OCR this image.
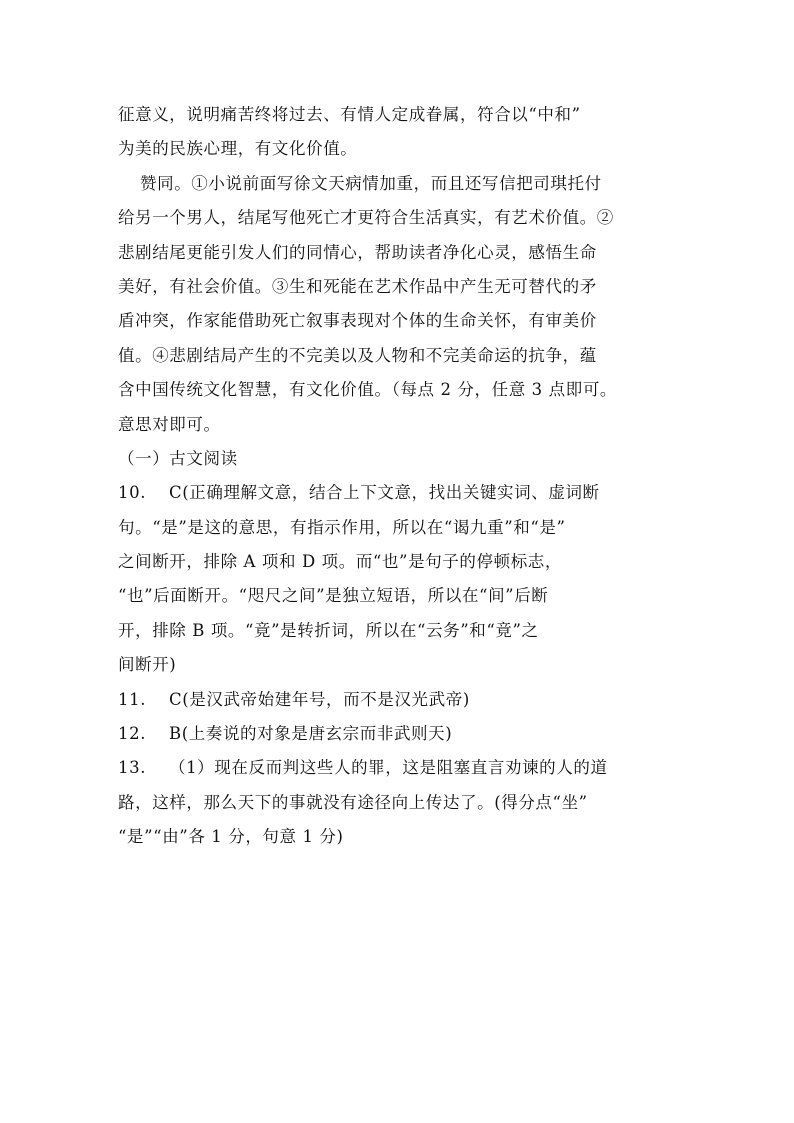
征意义，说明痛苦终将过去、有情人定成眷属，符合以“中和”
为美的民族心理，有文化价值。
赞同。①小说前面写徐文天病情加重，而且还写信把司琪托付
给另一个男人，结尾写他死亡才更符合生活真实，有艺术价值。②
悲剧结尾更能引发人们的同情心，帮助读者净化心灵，感悟生命
美好，有社会价值。③生和死能在艺术作品中产生无可替代的矛
盾冲突，作家能借助死亡叙事表现对个体的生命关怀，有审美价
值。④悲剧结局产生的不完美以及人物和不完美命运的抗争，蕴
含中国传统文化智慧，有文化价值。（每点 2 分，任意 3 点即可。
意思对即可。
（一）古文阅读
10.　 C(正确理解文意，结合上下文意，找出关键实词、虚词断
句。“是”是这的意思，有指示作用，所以在“谒九重”和“是”
之间断开，排除 A 项和 D 项。而“也”是句子的停顿标志，
“也”后面断开。“咫尺之间”是独立短语，所以在“间”后断
开，排除 B 项。“竟”是转折词，所以在“云务”和“竟”之
间断开)
11.　 C(是汉武帝始建年号，而不是汉光武帝)
12.　 B(上奏说的对象是唐玄宗而非武则天)
13.　 （1）现在反而判这些人的罪，这是阻塞直言劝谏的人的道
路，这样，那么天下的事就没有途径向上传达了。(得分点“坐”
“是”“由”各 1 分，句意 1 分)
